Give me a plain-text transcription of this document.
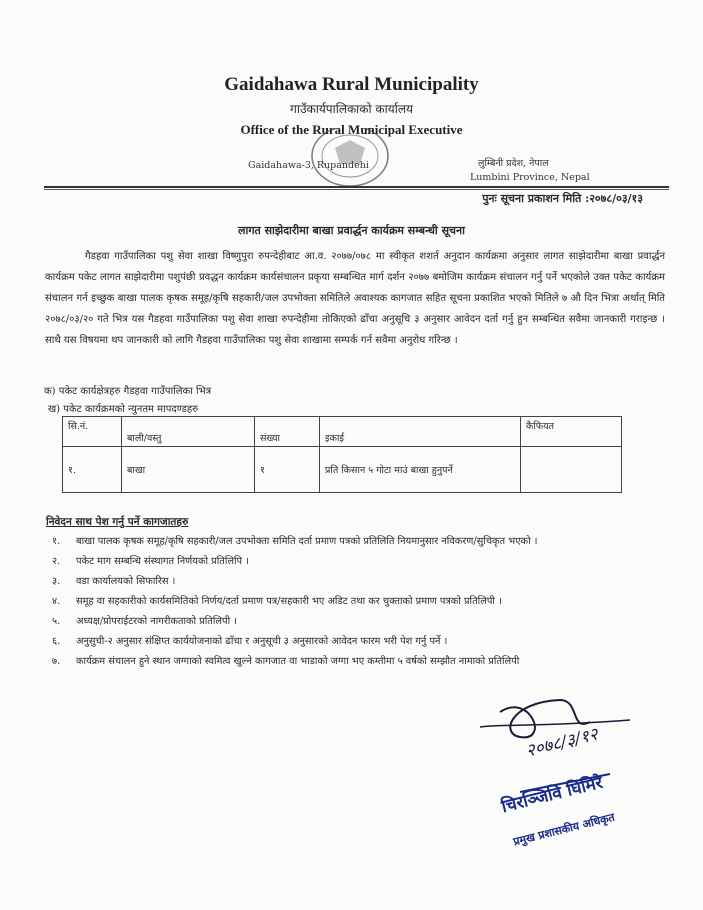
Gaidahawa Rural Municipality
गाउँकार्यपालिकाको कार्यालय
Office of the Rural Municipal Executive
Gaidahawa-3, Rupandehi	लुम्बिनी प्रदेश, नेपाल
Lumbini Province, Nepal
पुनः सूचना प्रकाशन मिति :२०७८/०३/१३
लागत साझेदारीमा बाखा प्रवार्द्धन कार्यक्रम सम्बन्धी सूचना
गैडहवा गाउँपालिका पशु सेवा शाखा विष्णुपुरा रुपन्देहीबाट आ.व. २०७७/०७८ मा स्वीकृत शशर्त अनुदान कार्यक्रमा अनुसार लागत साझेदारीमा बाखा प्रवार्द्धन कार्यक्रम पकेट लागत साझेदारीमा पशुपंछी प्रवद्धन कार्यक्रम कार्यसंचालन प्रकृया सम्बन्धित मार्ग दर्शन २०७७ बमोजिम कार्यक्रम संचालन गर्नु पर्ने भएकोले उक्त पकेट कार्यक्रम संचालन गर्न इच्छुक बाखा पालक कृषक समूह/कृषि सहकारी/जल उपभोक्ता समितिले अवाश्यक कागजात सहित सूचना प्रकाशित भएको मितिले ७ औ दिन भित्रा अर्थात् मिति २०७८/०३/२० गते भित्र यस गैडहवा गाउँपालिका पशु सेवा शाखा रुपन्देहीमा तोकिएको ढाँचा अनुसूचि ३ अनुसार आवेदन दर्ता गर्नु हुन सम्बन्धित सवैमा जानकारी गराइन्छ । साथै यस विषयमा थप जानकारी को लागि गैडहवा गाउँपालिका पशु सेवा शाखामा सम्पर्क गर्न सवैमा अनुरोध गरिन्छ ।
क) पकेट कार्यक्षेत्रहरु गैडहवा गाउँपालिका भित्र
ख) पकेट कार्यक्रमको न्युनतम मापदण्डहरु
सि.नं.	बाली/वस्तु	संख्या	इकाई	कैफियत
१.	बाखा	१	प्रति किसान ५ गोटा माउं बाखा हुनुपर्ने	
निवेदन साथ पेश गर्नु पर्ने कागजातहरु
१. बाखा पालक कृषक समूह/कृषि सहकारी/जल उपभोक्ता समिति दर्ता प्रमाण पत्रको प्रतिलिति नियमानुसार नविकरण/सुचिकृत भएको ।
२. पकेट माग सम्बन्धि संस्थागत निर्णयको प्रतिलिपि ।
३. वडा कार्यालयको सिफारिस ।
४. समूह वा सहकारीको कार्यसमितिको निर्णय/दर्ता प्रमाण पत्र/सहकारी भए अडिट तथा कर चुक्ताको प्रमाण पत्रको प्रतिलिपी ।
५. अध्यक्ष/प्रोपराईटरको नागरीकताको प्रतिलिपी ।
६. अनुसुची-२ अनुसार संक्षिप्त कार्ययोजनाको ढाँचा र अनुसूची ३ अनुसारको आवेदन फारम भरी पेश गर्नु पर्ने ।
७. कार्यक्रम संचालन हुने स्थान जग्गाको स्वमित्व खुल्ने कागजात वा भाडाको जग्गा भए कम्तीमा ५ वर्षको सम्झौत नामाको प्रतिलिपी
२०७८/३/१२
चिरञ्जिवि घिमिरे
प्रमुख प्रशासकीय अधिकृत
